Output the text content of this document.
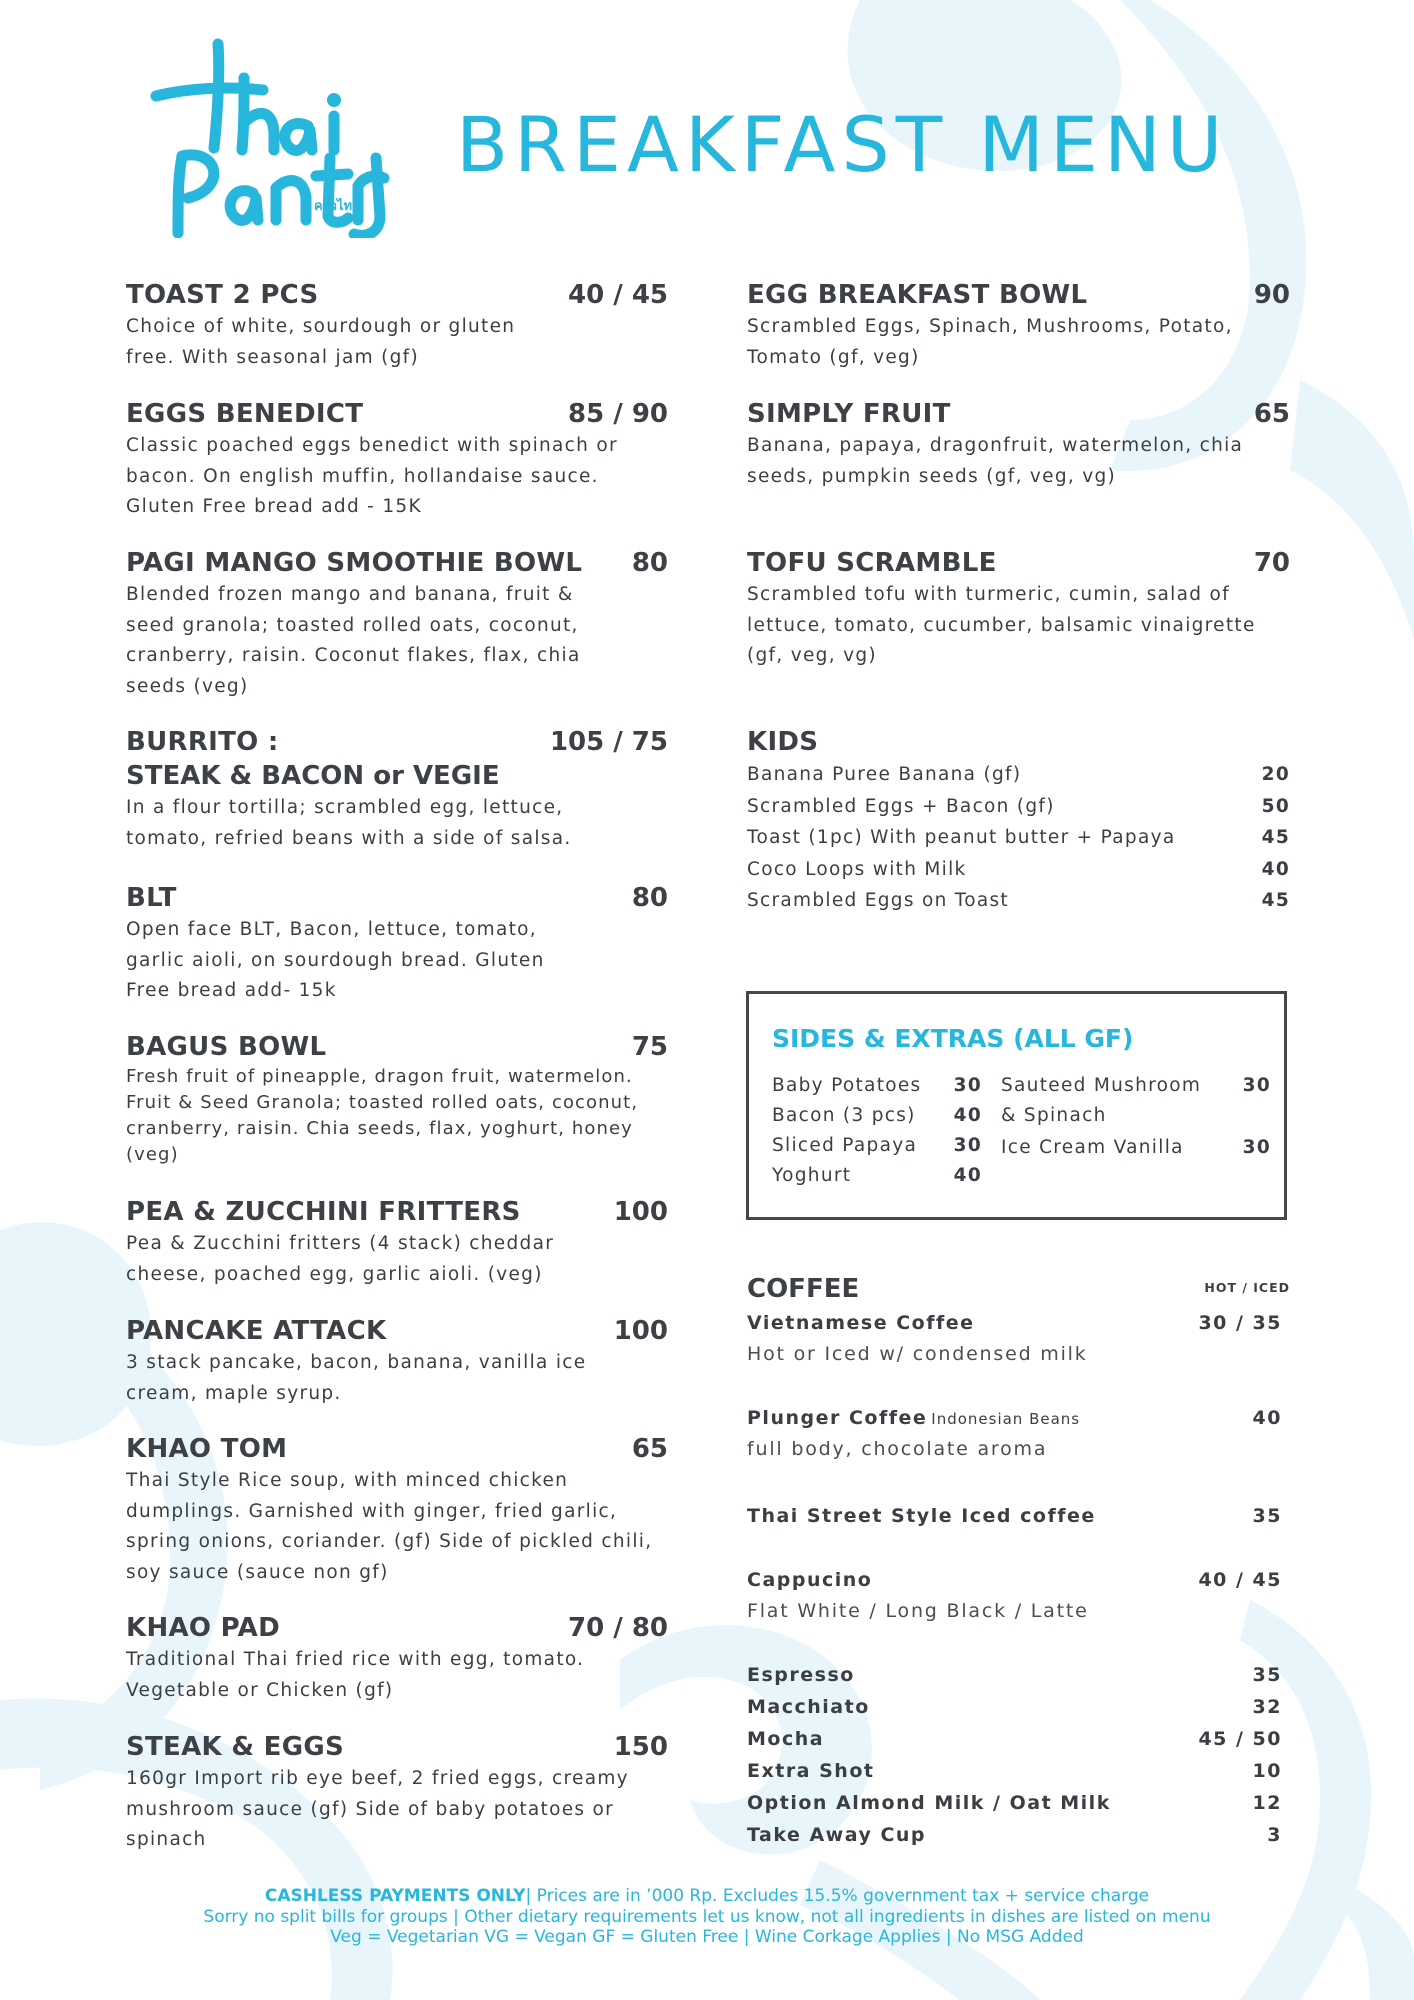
ครัวไทย
BREAKFAST MENU
TOAST 2 PCS	40 / 45
Choice of white, sourdough or gluten free. With seasonal jam (gf)
EGGS BENEDICT	85 / 90
Classic poached eggs benedict with spinach or bacon. On english muffin, hollandaise sauce. Gluten Free bread add - 15K
PAGI MANGO SMOOTHIE BOWL 80
Blended frozen mango and banana, fruit & seed granola; toasted rolled oats, coconut, cranberry, raisin. Coconut flakes, flax, chia seeds (veg)
BURRITO :	105 / 75
STEAK & BACON or VEGIE
In a flour tortilla; scrambled egg, lettuce, tomato, refried beans with a side of salsa.
BLT	80
Open face BLT, Bacon, lettuce, tomato, garlic aioli, on sourdough bread. Gluten Free bread add- 15k
BAGUS BOWL	75
Fresh fruit of pineapple, dragon fruit, watermelon. Fruit & Seed Granola; toasted rolled oats, coconut, cranberry, raisin. Chia seeds, flax, yoghurt, honey (veg)
PEA & ZUCCHINI FRITTERS	100
Pea & Zucchini fritters (4 stack) cheddar cheese, poached egg, garlic aioli. (veg)
PANCAKE ATTACK	100
3 stack pancake, bacon, banana, vanilla ice cream, maple syrup.
KHAO TOM	65
Thai Style Rice soup, with minced chicken dumplings. Garnished with ginger, fried garlic, spring onions, coriander. (gf) Side of pickled chili, soy sauce (sauce non gf)
KHAO PAD	70 / 80
Traditional Thai fried rice with egg, tomato. Vegetable or Chicken (gf)
STEAK & EGGS	150
160gr Import rib eye beef, 2 fried eggs, creamy mushroom sauce (gf) Side of baby potatoes or spinach
EGG BREAKFAST BOWL	90
Scrambled Eggs, Spinach, Mushrooms, Potato, Tomato (gf, veg)
SIMPLY FRUIT	65
Banana, papaya, dragonfruit, watermelon, chia seeds, pumpkin seeds (gf, veg, vg)
TOFU SCRAMBLE	70
Scrambled tofu with turmeric, cumin, salad of lettuce, tomato, cucumber, balsamic vinaigrette (gf, veg, vg)
KIDS
Banana Puree Banana (gf)	20
Scrambled Eggs + Bacon (gf)	50
Toast (1pc) With peanut butter + Papaya	45
Coco Loops with Milk	40
Scrambled Eggs on Toast	45
COFFEE	HOT / ICED
Vietnamese Coffee	30 / 35
Hot or Iced w/ condensed milk
Plunger Coffee Indonesian Beans	40
full body, chocolate aroma
Thai Street Style Iced coffee	35
Cappucino	40 / 45
Flat White / Long Black / Latte
Espresso	35
Macchiato	32
Mocha	45 / 50
Extra Shot	10
Option Almond Milk / Oat Milk	12
Take Away Cup	3
SIDES & EXTRAS (ALL GF)
Baby Potatoes 30
Bacon (3 pcs) 40
Sliced Papaya 30
Yoghurt	40
Sauteed Mushroom 30
& Spinach
Ice Cream Vanilla	30
CASHLESS PAYMENTS ONLY| Prices are in ’000 Rp. Excludes 15.5% government tax + service charge
Sorry no split bills for groups | Other dietary requirements let us know, not all ingredients in dishes are listed on menu
Veg = Vegetarian VG = Vegan GF = Gluten Free | Wine Corkage Applies | No MSG Added
